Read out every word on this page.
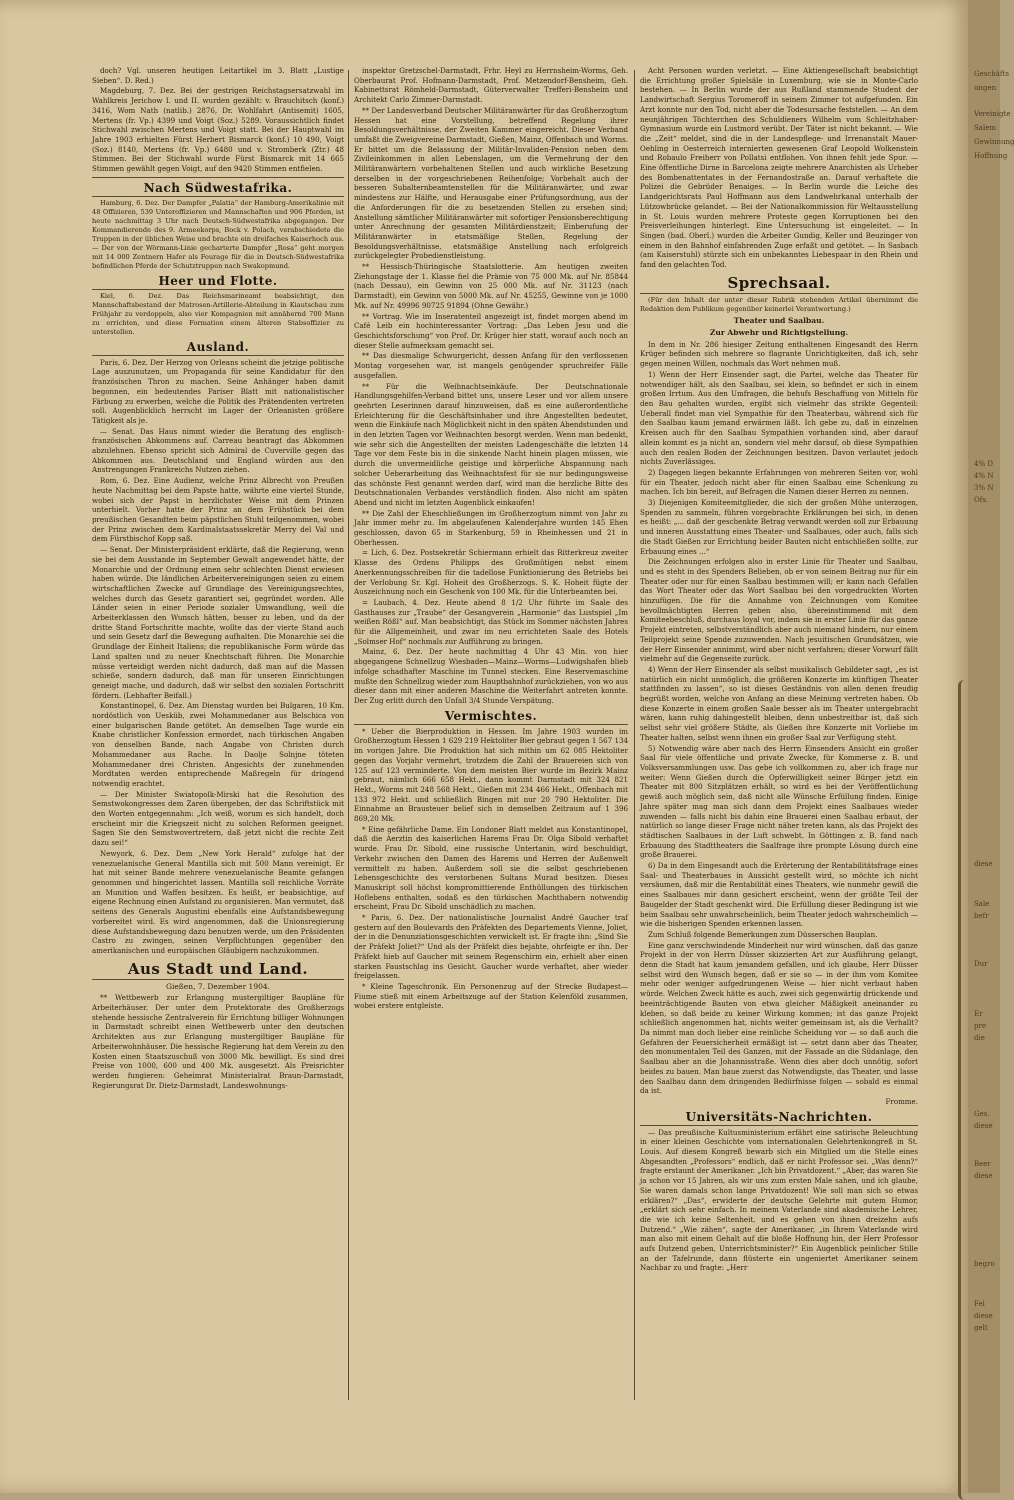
doch? Vgl. unseren heutigen Leitartikel im 3. Blatt „Lustige Sieben“. D. Red.)

Magdeburg, 7. Dez. Bei der gestrigen Reichstagsersatzwahl im Wahlkreis Jerichow I. und II. wurden gezählt: v. Brauchitsch (konf.) 3416, Wom Nath (natlib.) 2876, Dr. Wohlfahrt (Antisemit) 1605, Mertens (fr. Vp.) 4399 und Voigt (Soz.) 5289. Voraussichtlich findet Stichwahl zwischen Mertens und Voigt statt. Bei der Hauptwahl im Jahre 1903 erhielten Fürst Herbert Bismarck (konf.) 10 490, Voigt (Soz.) 8140, Mertens (fr. Vp.) 6480 und v. Stromberk (Ztr.) 48 Stimmen. Bei der Stichwahl wurde Fürst Bismarck mit 14 665 Stimmen gewählt gegen Voigt, auf den 9420 Stimmen entfielen.

Nach Südwestafrika.

Hamburg, 6. Dez. Der Dampfer „Palatia“ der Hamburg-Amerikalinie mit 48 Offizieren, 539 Unteroffizieren und Mannschaften und 906 Pferden, ist heute nachmittag 3 Uhr nach Deutsch-Südwestafrika abgegangen. Der Kommandierende des 9. Armeekorps, Bock v. Polach, verabschiedete die Truppen in der üblichen Weise und brachte ein dreifaches Kaiserhoch aus. — Der von der Wörmann-Linie gecharterte Dampfer „Rosa“ geht morgen mit 14 000 Zentnern Hafer als Fourage für die in Deutsch-Südwestafrika befindlichen Pferde der Schutztruppen nach Swakopmund.

Heer und Flotte.

Kiel, 6. Dez. Das Reichsmarineamt beabsichtigt, den Mannschaftsbestand der Matrosen-Artillerie-Abteilung in Kiautschau zum Frühjahr zu verdoppeln, also vier Kompagnien mit annähernd 700 Mann zu errichten, und diese Formation einem älteren Stabsoffizier zu unterstellen.

Ausland.

Paris, 6. Dez. Der Herzog von Orleans scheint die jetzige politische Lage auszunutzen, um Propaganda für seine Kandidatur für den französischen Thron zu machen. Seine Anhänger haben damit begonnen, ein bedeutendes Pariser Blatt mit nationalistischer Färbung zu erwerben, welche die Politik des Prätendenten vertreten soll. Augenblicklich herrscht im Lager der Orleanisten größere Tätigkeit als je.

— Senat. Das Haus nimmt wieder die Beratung des englisch-französischen Abkommens auf. Carreau beantragt das Abkommen abzulehnen. Ebenso spricht sich Admiral de Cuverville gegen das Abkommen aus. Deutschland und England würden aus den Anstrengungen Frankreichs Nutzen ziehen.

Rom, 6. Dez. Eine Audienz, welche Prinz Albrecht von Preußen heute Nachmittag bei dem Papste hatte, währte eine viertel Stunde, wobei sich der Papst in herzlichster Weise mit dem Prinzen unterhielt. Vorher hatte der Prinz an dem Frühstück bei dem preußischen Gesandten beim päpstlichen Stuhl teilgenommen, wobei der Prinz zwischen dem Kardinalstaatssekretär Merry del Val und dem Fürstbischof Kopp saß.

— Senat. Der Ministerpräsident erklärte, daß die Regierung, wenn sie bei dem Ausstande im September Gewalt angewendet hätte, der Monarchie und der Ordnung einen sehr schlechten Dienst erwiesen haben würde. Die ländlichen Arbeitervereinigungen seien zu einem wirtschaftlichen Zwecke auf Grundlage des Vereinigungsrechtes, welches durch das Gesetz garantiert sei, gegründet worden. Alle Länder seien in einer Periode sozialer Umwandlung, weil die Arbeiterklassen den Wunsch hätten, besser zu leben, und da der dritte Stand Fortschritte machte, wollte das der vierte Stand auch und sein Gesetz darf die Bewegung aufhalten. Die Monarchie sei die Grundlage der Einheit Italiens; die republikanische Form würde das Land spalten und zu neuer Knechtschaft führen. Die Monarchie müsse verteidigt werden nicht dadurch, daß man auf die Massen schieße, sondern dadurch, daß man für unseren Einrichtungen geneigt mache, und dadurch, daß wir selbst den sozialen Fortschritt fördern. (Lebhafter Beifall.)

Konstantinopel, 6. Dez. Am Dienstag wurden bei Bulgaren, 10 Km. nordöstlich von Uesküb, zwei Mohammedaner aus Belschica von einer bulgarischen Bande getötet. An demselben Tage wurde ein Knabe christlicher Konfession ermordet, nach türkischen Angaben von denselben Bande, nach Angabe von Christen durch Mohammedaner aus Rache. In Daolje Solnjne töteten Mohammedaner drei Christen. Angesichts der zunehmenden Mordtaten werden entsprechende Maßregeln für dringend notwendig erachtet.

— Der Minister Swiatopolk-Mirski hat die Resolution des Semstwokongresses dem Zaren übergeben, der das Schriftstück mit den Worten entgegennahm: „Ich weiß, worum es sich handelt, doch erscheint mir die Kriegszeit nicht zu solchen Reformen geeignet. Sagen Sie den Semstwovertretern, daß jetzt nicht die rechte Zeit dazu sei!“

Newyork, 6. Dez. Dem „New York Herald“ zufolge hat der venezuelanische General Mantilla sich mit 500 Mann vereinigt. Er hat mit seiner Bande mehrere venezuelanische Beamte gefangen genommen und hingerichtet lassen. Mantilla soll reichliche Vorräte an Munition und Waffen besitzen. Es heißt, er beabsichtige, auf eigene Rechnung einen Aufstand zu organisieren. Man vermutet, daß seitens des Generals Augustini ebenfalls eine Aufstandsbewegung vorbereitet wird. Es wird angenommen, daß die Unionsregierung diese Aufstandsbewegung dazu benutzen werde, um den Präsidenten Castro zu zwingen, seinen Verpflichtungen gegenüber den amerikanischen und europäischen Gläubigern nachzukommen.

Aus Stadt und Land.
Gießen, 7. Dezember 1904.

** Wettbewerb zur Erlangung mustergiltiger Baupläne für Arbeiterhäuser. Der unter dem Protektorate des Großherzogs stehende hessische Zentralverein für Errichtung billiger Wohnungen in Darmstadt schreibt einen Wettbewerb unter den deutschen Architekten aus zur Erlangung mustergiltiger Baupläne für Arbeiterwohnhäuser. Die hessische Regierung hat dem Verein zu den Kosten einen Staatszuschuß von 3000 Mk. bewilligt. Es sind drei Preise von 1000, 600 und 400 Mk. ausgesetzt. Als Preisrichter werden fungieren: Geheimrat Ministerialrat Braun-Darmstadt, Regierungsrat Dr. Dietz-Darmstadt, Landeswohnungs-

inspektor Gretzschel-Darmstadt, Frhr. Heyl zu Herrnsheim-Worms, Geh. Oberbaurat Prof. Hofmann-Darmstadt, Prof. Metzendorf-Bensheim, Geh. Kabinettsrat Römheld-Darmstadt, Güterverwalter Trefferi-Bensheim und Architekt Carlo Zimmer-Darmstadt.

** Der Landesverband Deutscher Militäranwärter für das Großherzogtum Hessen hat eine Vorstellung, betreffend Regelung ihrer Besoldungsverhältnisse, der Zweiten Kammer eingereicht. Dieser Verband umfaßt die Zweigvereine Darmstadt, Gießen, Mainz, Offenbach und Worms. Er bittet um die Belassung der Militär-Invaliden-Pension neben dem Zivileinkommen in allen Lebenslagen, um die Vermehrung der den Militäranwärtern vorbehaltenen Stellen und auch wirkliche Besetzung derselben in der vorgeschriebenen Reihenfolge; Vorbehalt auch der besseren Subalternbeamtenstellen für die Militäranwärter, und zwar mindestens zur Hälfte, und Herausgabe einer Prüfungsordnung, aus der die Anforderungen für die zu besetzenden Stellen zu ersehen sind; Anstellung sämtlicher Militäranwärter mit sofortiger Pensionsberechtigung unter Anrechnung der gesamten Militärdienstzeit; Einberufung der Militäranwärter in etatsmäßige Stellen, Regelung der Besoldungsverhältnisse, etatsmäßige Anstellung nach erfolgreich zurückgelegter Probedienstleistung.

** Hessisch-Thüringische Staatslotterie. Am heutigen zweiten Ziehungstage der 1. Klasse fiel die Prämie von 75 000 Mk. auf Nr. 85844 (nach Dessau), ein Gewinn von 25 000 Mk. auf Nr. 31123 (nach Darmstadt), ein Gewinn von 5000 Mk. auf Nr. 45255, Gewinne von je 1000 Mk. auf Nr. 49996 90725 91894 (Ohne Gewähr.)

** Vortrag. Wie im Inseratenteil angezeigt ist, findet morgen abend im Café Leib ein hochinteressanter Vortrag: „Das Leben Jesu und die Geschichtsforschung“ von Prof. Dr. Krüger hier statt, worauf auch noch an dieser Stelle aufmerksam gemacht sei.

** Das diesmalige Schwurgericht, dessen Anfang für den verflossenen Montag vorgesehen war, ist mangels genügender spruchreifer Fälle ausgefallen.

** Für die Weihnachtseinkäufe. Der Deutschnationale Handlungsgehilfen-Verband bittet uns, unsere Leser und vor allem unsere geehrten Leserinnen darauf hinzuweisen, daß es eine außerordentliche Erleichterung für die Geschäftsinhaber und ihre Angestellten bedeutet, wenn die Einkäufe nach Möglichkeit nicht in den späten Abendstunden und in den letzten Tagen vor Weihnachten besorgt werden. Wenn man bedenkt, wie sehr sich die Angestellten der meisten Ladengeschäfte die letzten 14 Tage vor dem Feste bis in die sinkende Nacht hinein plagen müssen, wie durch die unvermeidliche geistige und körperliche Abspannung nach solcher Ueberarbeitung das Weihnachtsfest für sie nur bedingungsweise das schönste Fest genannt werden darf, wird man die herzliche Bitte des Deutschnationalen Verbandes verständlich finden. Also nicht am späten Abend und nicht im letzten Augenblick einkaufen!

** Die Zahl der Eheschließungen im Großherzogtum nimmt von Jahr zu Jahr immer mehr zu. Im abgelaufenen Kalenderjahre wurden 145 Ehen geschlossen, davon 65 in Starkenburg, 59 in Rheinhessen und 21 in Oberhessen.

= Lich, 6. Dez. Postsekretär Schiermann erhielt das Ritterkreuz zweiter Klasse des Ordens Philipps des Großmütigen nebst einem Anerkennungsschreiben für die tadellose Funktionierung des Betriebs bei der Verlobung Sr. Kgl. Hoheit des Großherzogs. S. K. Hoheit fügte der Auszeichnung noch ein Geschenk von 100 Mk. für die Unterbeamten bei.

= Laubach, 4. Dez. Heute abend 8 1/2 Uhr führte im Saale des Gasthauses zur „Traube“ der Gesangverein „Harmonie“ das Lustspiel „Im weißen Rößl“ auf. Man beabsichtigt, das Stück im Sommer nächsten Jahres für die Allgemeinheit, und zwar im neu errichteten Saale des Hotels „Solmser Hof“ nochmals zur Aufführung zu bringen.

Mainz, 6. Dez. Der heute nachmittag 4 Uhr 43 Min. von hier abgegangene Schnellzug Wiesbaden—Mainz—Worms—Ludwigshafen blieb infolge schadhafter Maschine im Tunnel stecken. Eine Reservemaschine mußte den Schnellzug wieder zum Hauptbahnhof zurückziehen, von wo aus dieser dann mit einer anderen Maschine die Weiterfahrt antreten konnte. Der Zug erlitt durch den Unfall 3/4 Stunde Verspätung.

Vermischtes.

* Ueber die Bierproduktion in Hessen. Im Jahre 1903 wurden im Großherzogtum Hessen 1 629 219 Hektoliter Bier gebraut gegen 1 567 134 im vorigen Jahre. Die Produktion hat sich mithin um 62 085 Hektoliter gegen das Vorjahr vermehrt, trotzdem die Zahl der Brauereien sich von 125 auf 123 verminderte. Von dem meisten Bier wurde im Bezirk Mainz gebraut, nämlich 666 658 Hekt., dann kommt Darmstadt mit 324 821 Hekt., Worms mit 248 568 Hekt., Gießen mit 234 466 Hekt., Offenbach mit 133 972 Hekt. und schließlich Bingen mit nur 20 790 Hektoliter. Die Einnahme an Brausteuer belief sich in demselben Zeitraum auf 1 396 869,20 Mk.

* Eine gefährliche Dame. Ein Londoner Blatt meldet aus Konstantinopel, daß die Aerztin des kaiserlichen Harems Frau Dr. Olga Sibold verhaftet wurde. Frau Dr. Sibold, eine russische Untertanin, wird beschuldigt, Verkehr zwischen den Damen des Harems und Herren der Außenwelt vermittelt zu haben. Außerdem soll sie die selbst geschriebenen Lebensgeschichte des verstorbenen Sultans Murad besitzen. Dieses Manuskript soll höchst kompromittierende Enthüllungen des türkischen Hoflebens enthalten, sodaß es den türkischen Machthabern notwendig erscheint, Frau Dr. Sibold unschädlich zu machen.

* Paris, 6. Dez. Der nationalistische Journalist André Gaucher traf gestern auf den Boulevards den Präfekten des Departements Vienne, Joliet, der in die Denunziationsgeschichten verwickelt ist. Er fragte ihn: „Sind Sie der Präfekt Joliet?“ Und als der Präfekt dies bejahte, ohrfeigte er ihn. Der Präfekt hieb auf Gaucher mit seinem Regenschirm ein, erhielt aber einen starken Faustschlag ins Gesicht. Gaucher wurde verhaftet, aber wieder freigelassen.

* Kleine Tageschronik. Ein Personenzug auf der Strecke Budapest—Fiume stieß mit einem Arbeitszuge auf der Station Kelenföld zusammen, wobei erstere entgleiste.

Acht Personen wurden verletzt. — Eine Aktiengesellschaft beabsichtigt die Errichtung großer Spielsäle in Luxemburg, wie sie in Monte-Carlo bestehen. — In Berlin wurde der aus Rußland stammende Student der Landwirtschaft Sergius Toromeroff in seinem Zimmer tot aufgefunden. Ein Arzt konnte nur den Tod, nicht aber die Todesursache feststellen. — An dem neunjährigen Töchterchen des Schuldieners Wilhelm vom Schleitzhaber-Gymnasium wurde ein Lustmord verübt. Der Täter ist nicht bekannt. — Wie die „Zeit“ meldet, sind die in der Landespflege- und Irrenanstalt Mauer-Oehling in Oesterreich internierten gewesenen Graf Leopold Wolkenstein und Robaulo Freiherr von Pollatsi entflohen. Von ihnen fehlt jede Spur. — Eine öffentliche Dirne in Barcelona zeigte mehrere Anarchisten als Urheber des Bombenattentates in der Fernandostraße an. Darauf verhaftete die Polizei die Gebrüder Benaiges. — In Berlin wurde die Leiche des Landgerichtsrats Paul Hoffmann aus dem Landwehrkanal unterhalb der Lützowbrücke gelandet. — Bei der Nationalkommission für Weltausstellung in St. Louis wurden mehrere Proteste gegen Korruptionen bei den Preisverleihungen hinterlegt. Eine Untersuchung ist eingeleitet. — In Singen (bad. Oberl.) wurden die Arbeiter Gundig, Keller und Beuzinger von einem in den Bahnhof einfahrenden Zuge erfaßt und getötet. — In Sasbach (am Kaiserstuhl) stürzte sich ein unbekanntes Liebespaar in den Rhein und fand den gelachten Tod.

Sprechsaal.

(Für den Inhalt der unter dieser Rubrik stehenden Artikel übernimmt die Redaktion dem Publikum gegenüber keinerlei Verantwortung.)

Theater und Saalbau.
Zur Abwehr und Richtigstellung.

In dem in Nr. 286 hiesiger Zeitung enthaltenen Eingesandt des Herrn Krüger befinden sich mehrere so flagrante Unrichtigkeiten, daß ich, sehr gegen meinen Willen, nochmals das Wort nehmen muß.

1) Wenn der Herr Einsender sagt, die Partei, welche das Theater für notwendiger hält, als den Saalbau, sei klein, so befindet er sich in einem großen Irrtum. Aus den Umfragen, die behufs Beschaffung von Mitteln für den Bau gehalten wurden, ergibt sich vielmehr das strikte Gegenteil: Ueberall findet man viel Sympathie für den Theaterbau, während sich für den Saalbau kaum jemand erwärmen läßt. Ich gebe zu, daß in einzelnen Kreisen auch für den Saalbau Sympathien vorhanden sind, aber darauf allein kommt es ja nicht an, sondern viel mehr darauf, ob diese Sympathien auch den realen Boden der Zeichnungen besitzen. Davon verlautet jedoch nichts Zuverlässiges.

2) Dagegen liegen bekannte Erfahrungen von mehreren Seiten vor, wohl für ein Theater, jedoch nicht aber für einen Saalbau eine Schenkung zu machen. Ich bin bereit, auf Befragen die Namen dieser Herren zu nennen.

3) Diejenigen Komiteemitglieder, die sich der großen Mühe unterzogen, Spenden zu sammeln, führen vorgebrachte Erklärungen bei sich, in denen es heißt: „... daß der geschenkte Betrag verwandt werden soll zur Erbauung und inneren Ausstattung eines Theater- und Saalbaues, oder auch, falls sich die Stadt Gießen zur Errichtung beider Bauten nicht entschließen sollte, zur Erbauung eines ...“

Die Zeichnungen erfolgen also in erster Linie für Theater und Saalbau, und es steht in des Spenders Belieben, ob er von seinem Beitrag nur für ein Theater oder nur für einen Saalbau bestimmen will; er kann nach Gefallen das Wort Theater oder das Wort Saalbau bei den vorgedruckten Worten hinzufügen. Die für die Annahme von Zeichnungen vom Komitee bevollmächtigten Herren geben also, übereinstimmend mit dem Komiteebeschluß, durchaus loyal vor, indem sie in erster Linie für das ganze Projekt eintreten, selbstverständlich aber auch niemand hindern, nur einem Teilprojekt seine Spende zuzuwenden. Nach jesuitischen Grundsätzen, wie der Herr Einsender annimmt, wird aber nicht verfahren; dieser Vorwurf fällt vielmehr auf die Gegenseite zurück.

4) Wenn der Herr Einsender als selbst musikalisch Gebildeter sagt, „es ist natürlich ein nicht unmöglich, die größeren Konzerte im künftigen Theater stattfinden zu lassen“, so ist dieses Geständnis von allen denen freudig begrüßt worden, welche von Anfang an diese Meinung vertreten haben. Ob diese Konzerte in einem großen Saale besser als im Theater untergebracht wären, kann ruhig dahingestellt bleiben, denn unbestreitbar ist, daß sich selbst sehr viel größere Städte, als Gießen ihre Konzerte mit Vorliebe im Theater halten, selbst wenn ihnen ein großer Saal zur Verfügung steht.

5) Notwendig wäre aber nach des Herrn Einsenders Ansicht ein großer Saal für viele öffentliche und private Zwecke, für Kommerse z. B. und Volksversammlungen usw. Das gebe ich vollkommen zu, aber ich frage nur weiter: Wenn Gießen durch die Opferwilligkeit seiner Bürger jetzt ein Theater mit 800 Sitzplätzen erhält, so wird es bei der Veröffentlichung gewiß auch möglich sein, daß nicht alle Wünsche Erfüllung finden. Einige Jahre später mag man sich dann dem Projekt eines Saalbaues wieder zuwenden — falls nicht bis dahin eine Brauerei einen Saalbau erbaut, der natürlich so lange dieser Frage nicht näher treten kann, als das Projekt des städtischen Saalbaues in der Luft schwebt. In Göttingen z. B. fand nach Erbauung des Stadttheaters die Saalfrage ihre prompte Lösung durch eine große Brauerei.

6) Da in dem Eingesandt auch die Erörterung der Rentabilitätsfrage eines Saal- und Theaterbaues in Aussicht gestellt wird, so möchte ich nicht versäumen, daß mir die Rentabilität eines Theaters, wie nunmehr gewiß die eines Saalbaues mir dann gesichert erscheint, wenn der größte Teil der Baugelder der Stadt geschenkt wird. Die Erfüllung dieser Bedingung ist wie beim Saalbau sehr unwahrscheinlich, beim Theater jedoch wahrscheinlich — wie die bisherigen Spenden erkennen lassen.

Zum Schluß folgende Bemerkungen zum Düsserschen Bauplan.

Eine ganz verschwindende Minderheit nur wird wünschen, daß das ganze Projekt in der von Herrn Düsser skizzierten Art zur Ausführung gelangt, denn die Stadt hat kaum jemandem gefallen, und ich glaube, Herr Düsser selbst wird den Wunsch hegen, daß er sie so — in der ihm vom Komitee mehr oder weniger aufgedrungenen Weise — hier nicht verbaut haben würde. Welchen Zweck hätte es auch, zwei sich gegenwärtig drückende und beeinträchtigende Bauten von etwa gleicher Mäßigkeit aneinander zu kleben, so daß beide zu keiner Wirkung kommen; ist das ganze Projekt schließlich angenommen hat, nichts weiter gemeinsam ist, als die Verhallt? Da nimmt man doch lieber eine reinliche Scheidung vor — so daß auch die Gefahren der Feuersicherheit ermäßigt ist — setzt dann aber das Theater, den monumentalen Teil des Ganzen, mit der Fassade an die Südanlage, den Saalbau aber an die Johannisstraße. Wenn dies aber doch unnötig, sofort beides zu bauen. Man baue zuerst das Notwendigste, das Theater, und lasse den Saalbau dann dem dringenden Bedürfnisse folgen — sobald es einmal da ist.

Fromme.

Universitäts-Nachrichten.

— Das preußische Kultusministerium erfährt eine satirische Beleuchtung in einer kleinen Geschichte vom internationalen Gelehrtenkongreß in St. Louis. Auf diesem Kongreß bewarb sich ein Mitglied um die Stelle eines Abgesandten „Professors“ endlich, daß er nicht Professor sei. „Was denn?“ fragte erstaunt der Amerikaner. „Ich bin Privatdozent.“ „Aber, das waren Sie ja schon vor 15 Jahren, als wir uns zum ersten Male sahen, und ich glaube, Sie waren damals schon lange Privatdozent! Wie soll man sich so etwas erklären?“ „Das“, erwiderte der deutsche Gelehrte mit gutem Humor, „erklärt sich sehr einfach. In meinem Vaterlande sind akademische Lehrer, die wie ich keine Seltenheit, und es gehen von ihnen dreizehn aufs Dutzend.“ „Wie zähen“, sagte der Amerikaner, „in Ihrem Vaterlande wird man also mit einem Gehalt auf die bloße Hoffnung hin, der Herr Professor aufs Dutzend geben, Unterrichtsminister?“ Ein Augenblick peinlicher Stille an der Tafelrunde, dann flüsterte ein ungeniertet Amerikaner seinem Nachbar zu und fragte: „Herr

Geschäfts
ungen
Vereinigte
Salem
Gewinnung
Hoffnung
4% D
4% N
3% N
Ofs.
diese
Sale
befr
Dur
Er
pre
die
Ges.
diese
Beer
diese
begro
Fel
diese
gelt
